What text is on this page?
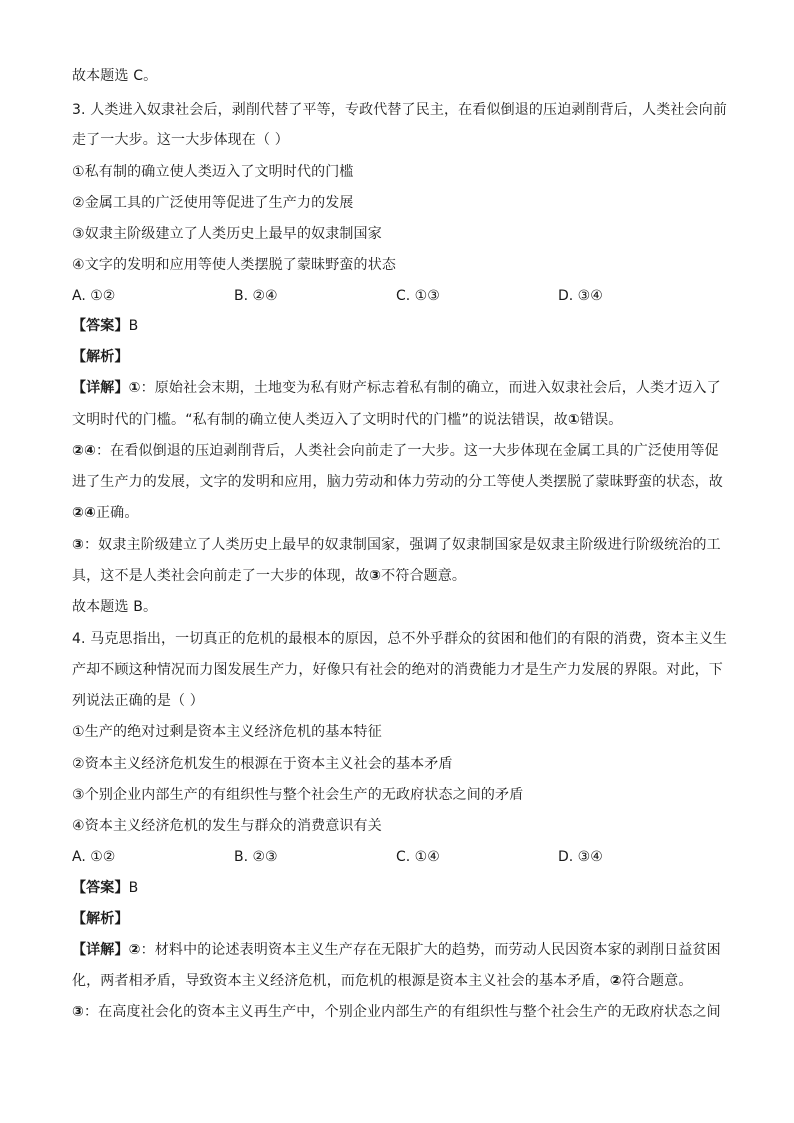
故本题选 C。
3. 人类进入奴隶社会后，剥削代替了平等，专政代替了民主，在看似倒退的压迫剥削背后，人类社会向前
走了一大步。这一大步体现在（ ）
①私有制的确立使人类迈入了文明时代的门槛
②金属工具的广泛使用等促进了生产力的发展
③奴隶主阶级建立了人类历史上最早的奴隶制国家
④文字的发明和应用等使人类摆脱了蒙昧野蛮的状态
A. ①②	B. ②④	C. ①③	D. ③④
【答案】B
【解析】
【详解】①：原始社会末期，土地变为私有财产标志着私有制的确立，而进入奴隶社会后，人类才迈入了
文明时代的门槛。“私有制的确立使人类迈入了文明时代的门槛”的说法错误，故①错误。
②④：在看似倒退的压迫剥削背后，人类社会向前走了一大步。这一大步体现在金属工具的广泛使用等促
进了生产力的发展，文字的发明和应用，脑力劳动和体力劳动的分工等使人类摆脱了蒙昧野蛮的状态，故
②④正确。
③：奴隶主阶级建立了人类历史上最早的奴隶制国家，强调了奴隶制国家是奴隶主阶级进行阶级统治的工
具，这不是人类社会向前走了一大步的体现，故③不符合题意。
故本题选 B。
4. 马克思指出，一切真正的危机的最根本的原因，总不外乎群众的贫困和他们的有限的消费，资本主义生
产却不顾这种情况而力图发展生产力，好像只有社会的绝对的消费能力才是生产力发展的界限。对此，下
列说法正确的是（ ）
①生产的绝对过剩是资本主义经济危机的基本特征
②资本主义经济危机发生的根源在于资本主义社会的基本矛盾
③个别企业内部生产的有组织性与整个社会生产的无政府状态之间的矛盾
④资本主义经济危机的发生与群众的消费意识有关
A. ①②	B. ②③	C. ①④	D. ③④
【答案】B
【解析】
【详解】②：材料中的论述表明资本主义生产存在无限扩大的趋势，而劳动人民因资本家的剥削日益贫困
化，两者相矛盾，导致资本主义经济危机，而危机的根源是资本主义社会的基本矛盾，②符合题意。
③：在高度社会化的资本主义再生产中，个别企业内部生产的有组织性与整个社会生产的无政府状态之间
